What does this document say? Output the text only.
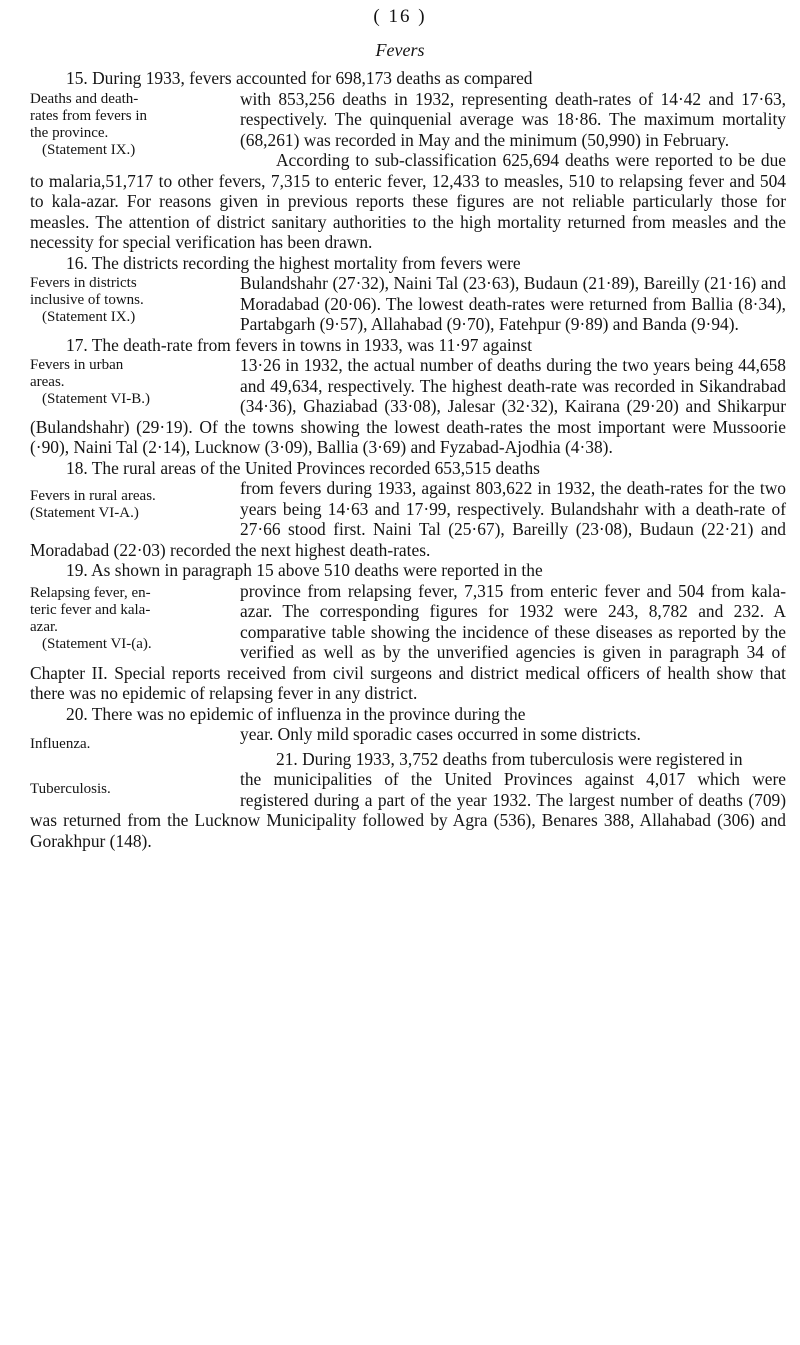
( 16 )
Fevers

15. During 1933, fevers accounted for 698,173 deaths as compared

Deaths and death-
rates from fevers in
the province.
(Statement IX.)

with 853,256 deaths in 1932, representing death-rates of 14·42 and 17·63, respectively. The quinquenial average was 18·86. The maximum mortality (68,261) was recorded in May and the minimum (50,990) in February.

According to sub-classification 625,694 deaths were reported to be due to malaria,51,717 to other fevers, 7,315 to enteric fever, 12,433 to measles, 510 to relapsing fever and 504 to kala-azar. For reasons given in previous reports these figures are not reliable particularly those for measles. The attention of district sanitary authorities to the high mortality returned from measles and the necessity for special verification has been drawn.

16. The districts recording the highest mortality from fevers were

Fevers in districts
inclusive of towns.
(Statement IX.)

Bulandshahr (27·32), Naini Tal (23·63), Budaun (21·89), Bareilly (21·16) and Moradabad (20·06). The lowest death-rates were returned from Ballia (8·34), Partabgarh (9·57), Allahabad (9·70), Fatehpur (9·89) and Banda (9·94).

17. The death-rate from fevers in towns in 1933, was 11·97 against

Fevers in urban
areas.
(Statement VI-B.)

13·26 in 1932, the actual number of deaths during the two years being 44,658 and 49,634, respectively. The highest death-rate was recorded in Sikandrabad (34·36), Ghaziabad (33·08), Jalesar (32·32), Kairana (29·20) and Shikarpur (Bulandshahr) (29·19). Of the towns showing the lowest death-rates the most important were Mussoorie (·90), Naini Tal (2·14), Lucknow (3·09), Ballia (3·69) and Fyzabad-Ajodhia (4·38).

18. The rural areas of the United Provinces recorded 653,515 deaths

Fevers in rural areas.
(Statement VI-A.)

from fevers during 1933, against 803,622 in 1932, the death-rates for the two years being 14·63 and 17·99, respectively. Bulandshahr with a death-rate of 27·66 stood first. Naini Tal (25·67), Bareilly (23·08), Budaun (22·21) and Moradabad (22·03) recorded the next highest death-rates.

19. As shown in paragraph 15 above 510 deaths were reported in the

Relapsing fever, en-
teric fever and kala-
azar.
(Statement VI-(a).

province from relapsing fever, 7,315 from enteric fever and 504 from kala-azar. The corresponding figures for 1932 were 243, 8,782 and 232. A comparative table showing the incidence of these diseases as reported by the verified as well as by the unverified agencies is given in paragraph 34 of Chapter II. Special reports received from civil surgeons and district medical officers of health show that there was no epidemic of relapsing fever in any district.

20. There was no epidemic of influenza in the province during the

Influenza.	year. Only mild sporadic cases occurred in some districts.

21. During 1933, 3,752 deaths from tuberculosis were registered in

Tuberculosis.	the municipalities of the United Provinces against 4,017 which were registered during a part of the year 1932. The largest number of deaths (709) was returned from the Lucknow Municipality followed by Agra (536), Benares 388, Allahabad (306) and Gorakhpur (148).
